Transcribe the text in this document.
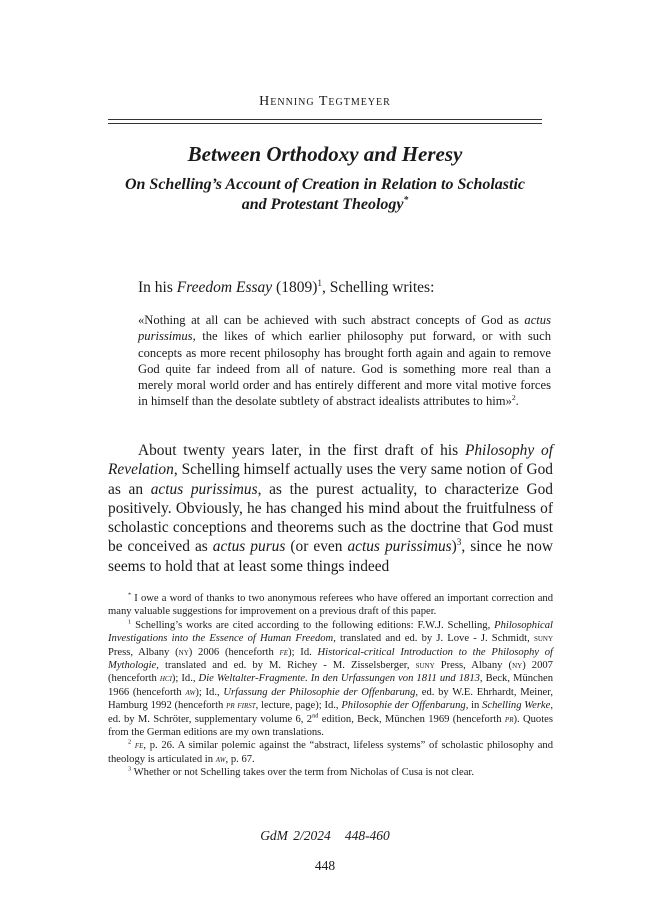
Henning Tegtmeyer
Between Orthodoxy and Heresy
On Schelling’s Account of Creation in Relation to Scholastic
and Protestant Theology*
In his Freedom Essay $(1809)^1$, Schelling writes:
«Nothing at all can be achieved with such abstract concepts of God as actus purissimus, the likes of which earlier philosophy put forward, or with such concepts as more recent philosophy has brought forth again and again to remove God quite far indeed from all of nature. God is something more real than a merely moral world order and has entirely different and more vital motive forces in himself than the desolate subtlety of abstract idealists attributes to him»$^2$.
About twenty years later, in the first draft of his Philosophy of Revelation, Schelling himself actually uses the very same notion of God as an actus purissimus, as the purest actuality, to characterize God positively. Obviously, he has changed his mind about the fruitfulness of scholastic conceptions and theorems such as the doctrine that God must be conceived as actus purus (or even actus purissimus)$^3$, since he now seems to hold that at least some things indeed

* I owe a word of thanks to two anonymous referees who have offered an important correction and many valuable suggestions for improvement on a previous draft of this paper.

$^1$ Schelling’s works are cited according to the following editions: F.W.J. Schelling, Philosophical Investigations into the Essence of Human Freedom, translated and ed. by J. Love - J. Schmidt, suny Press, Albany (ny) 2006 (henceforth fe); Id. Historical-critical Introduction to the Philosophy of Mythologie, translated and ed. by M. Richey - M. Zisselsberger, suny Press, Albany (ny) 2007 (henceforth hci); Id., Die Weltalter-Fragmente. In den Urfassungen von 1811 und 1813, Beck, München 1966 (henceforth aw); Id., Urfassung der Philosophie der Offenbarung, ed. by W.E. Ehrhardt, Meiner, Hamburg 1992 (henceforth pr first, lecture, page); Id., Philosophie der Offenbarung, in Schelling Werke, ed. by M. Schröter, supplementary volume 6, 2nd edition, Beck, München 1969 (henceforth pr). Quotes from the German editions are my own translations.

$^2$ fe, p. 26. A similar polemic against the “abstract, lifeless systems” of scholastic philosophy and theology is articulated in aw, p. 67.

$^3$ Whether or not Schelling takes over the term from Nicholas of Cusa is not clear.

GdM 2/2024 448-460
448
